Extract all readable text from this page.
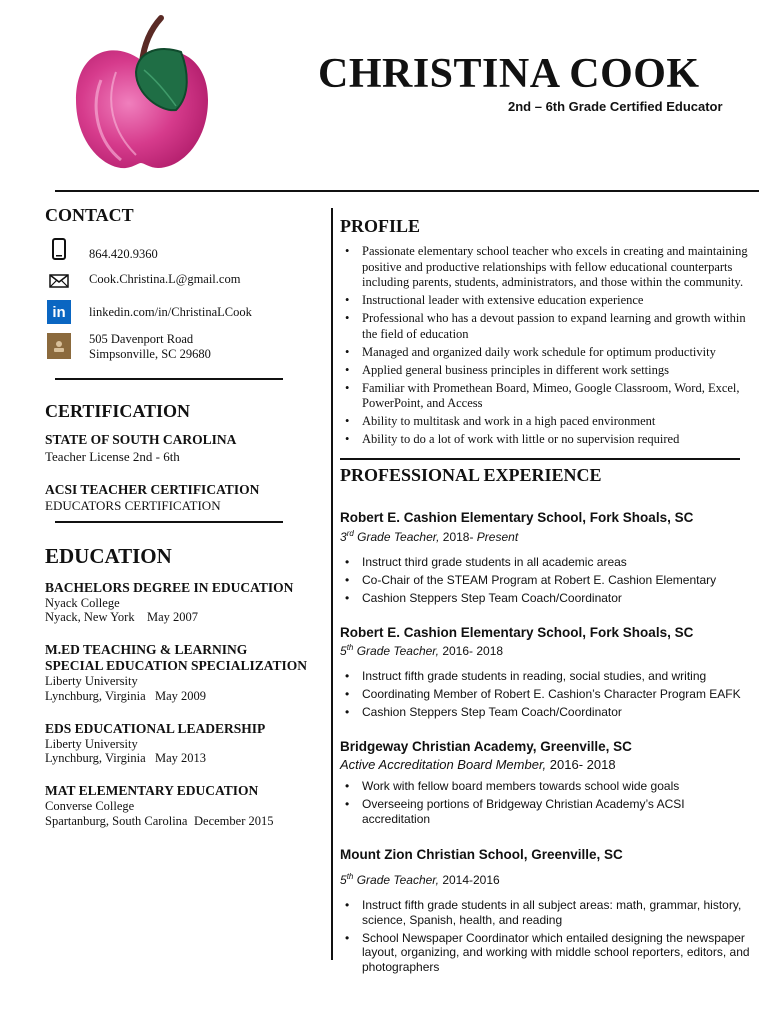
CHRISTINA COOK
2nd – 6th Grade Certified Educator
CONTACT
864.420.9360
Cook.Christina.L@gmail.com
in linkedin.com/in/ChristinaLCook
505 Davenport Road
Simpsonville, SC 29680
CERTIFICATION
STATE OF SOUTH CAROLINA
Teacher License 2nd - 6th
ACSI TEACHER CERTIFICATION
EDUCATORS CERTIFICATION
EDUCATION
BACHELORS DEGREE IN EDUCATION
Nyack College
Nyack, New York May 2007
M.ED TEACHING & LEARNING
SPECIAL EDUCATION SPECIALIZATION
Liberty University
Lynchburg, Virginia May 2009
EDS EDUCATIONAL LEADERSHIP
Liberty University
Lynchburg, Virginia May 2013
MAT ELEMENTARY EDUCATION
Converse College
Spartanburg, South Carolina December 2015
PROFILE
• Passionate elementary school teacher who excels in creating and maintaining positive and productive relationships with fellow educational counterparts including parents, students, administrators, and those within the community.
• Instructional leader with extensive education experience
• Professional who has a devout passion to expand learning and growth within the field of education
• Managed and organized daily work schedule for optimum productivity
• Applied general business principles in different work settings
• Familiar with Promethean Board, Mimeo, Google Classroom, Word, Excel, PowerPoint, and Access
• Ability to multitask and work in a high paced environment
• Ability to do a lot of work with little or no supervision required
PROFESSIONAL EXPERIENCE
Robert E. Cashion Elementary School, Fork Shoals, SC
3rd Grade Teacher, 2018- Present
• Instruct third grade students in all academic areas
• Co-Chair of the STEAM Program at Robert E. Cashion Elementary
• Cashion Steppers Step Team Coach/Coordinator
Robert E. Cashion Elementary School, Fork Shoals, SC
5th Grade Teacher, 2016- 2018
• Instruct fifth grade students in reading, social studies, and writing
• Coordinating Member of Robert E. Cashion’s Character Program EAFK
• Cashion Steppers Step Team Coach/Coordinator
Bridgeway Christian Academy, Greenville, SC
Active Accreditation Board Member, 2016- 2018
• Work with fellow board members towards school wide goals
• Overseeing portions of Bridgeway Christian Academy’s ACSI accreditation
Mount Zion Christian School, Greenville, SC
5th Grade Teacher, 2014-2016
• Instruct fifth grade students in all subject areas: math, grammar, history, science, Spanish, health, and reading
• School Newspaper Coordinator which entailed designing the newspaper layout, organizing, and working with middle school reporters, editors, and photographers
